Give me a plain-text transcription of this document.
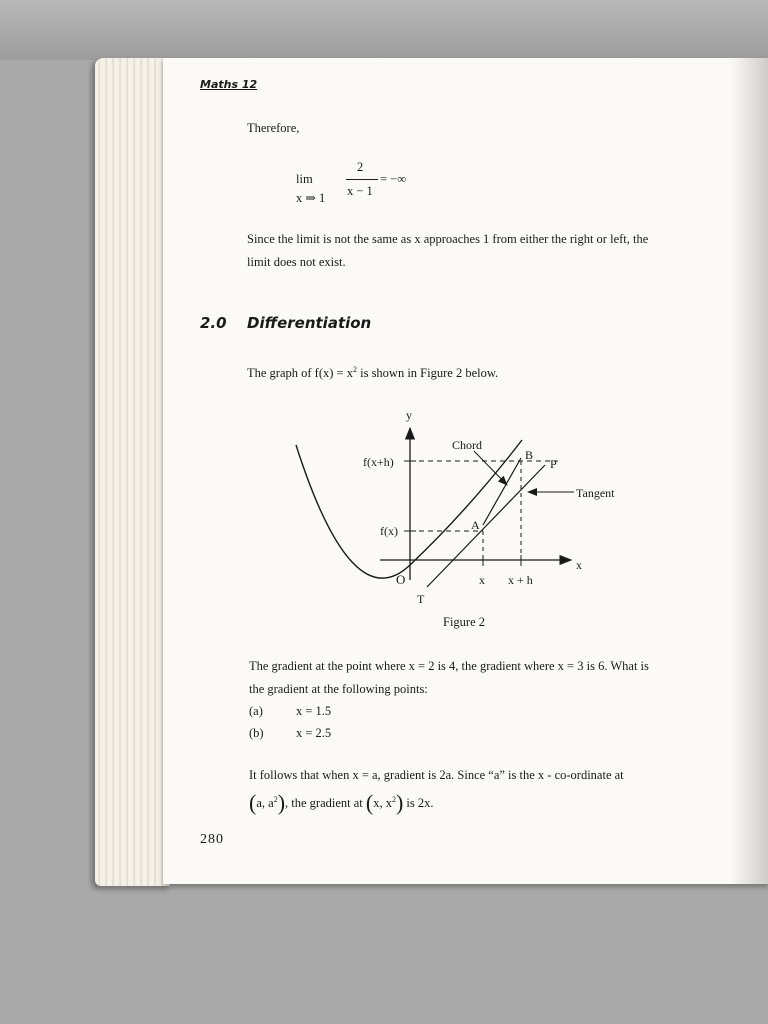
Maths 12
Therefore,
lim
x ⇒ 1
2
x − 1
= −∞
Since the limit is not the same as x approaches 1 from either the right or left, the
limit does not exist.
2.0 Differentiation
The graph of $f(x) = x^2$ is shown in Figure 2 below.
y
x
f(x+h)
f(x)
O
T
x x + h
A
B
P
Chord
Tangent
Figure 2
The gradient at the point where x = 2 is 4, the gradient where x = 3 is 6. What is
the gradient at the following points:
(a)	x = 1.5
(b)	x = 2.5
It follows that when x = a, gradient is 2a. Since “a” is the x - co-ordinate at
(a, $a^2$), the gradient at (x, $x^2$) is 2x.
280
